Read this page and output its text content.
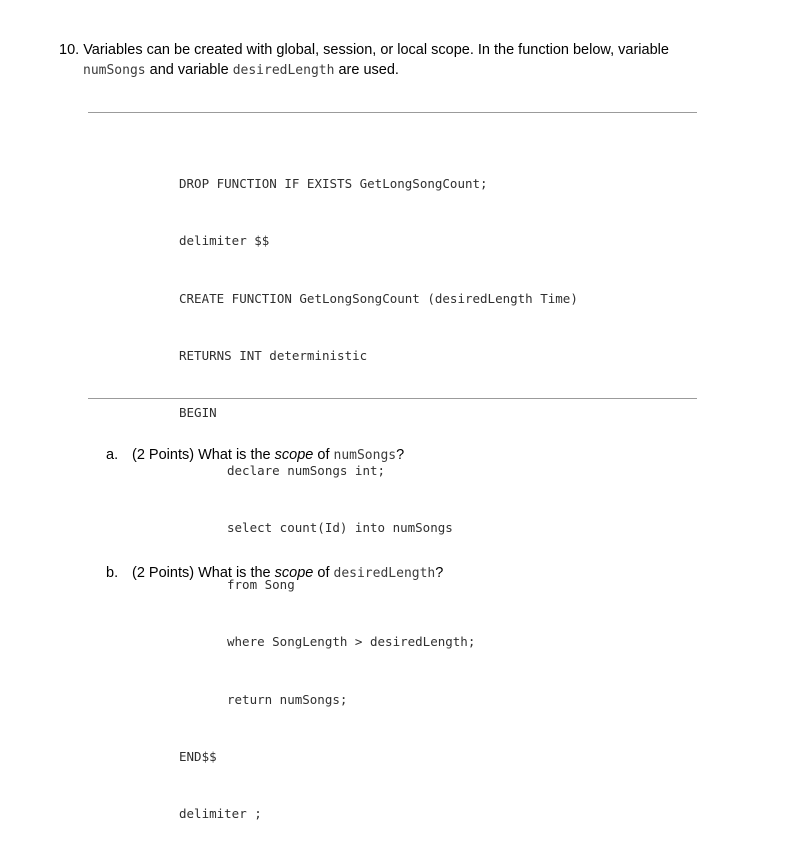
10. Variables can be created with global, session, or local scope. In the function below, variable
numSongs and variable desiredLength are used.

DROP FUNCTION IF EXISTS GetLongSongCount;

delimiter $$

CREATE FUNCTION GetLongSongCount (desiredLength Time)

RETURNS INT deterministic

BEGIN

declare numSongs int;

select count(Id) into numSongs

from Song

where SongLength > desiredLength;

return numSongs;

END$$

delimiter ;

a. (2 Points) What is the scope of numSongs?
b. (2 Points) What is the scope of desiredLength?
